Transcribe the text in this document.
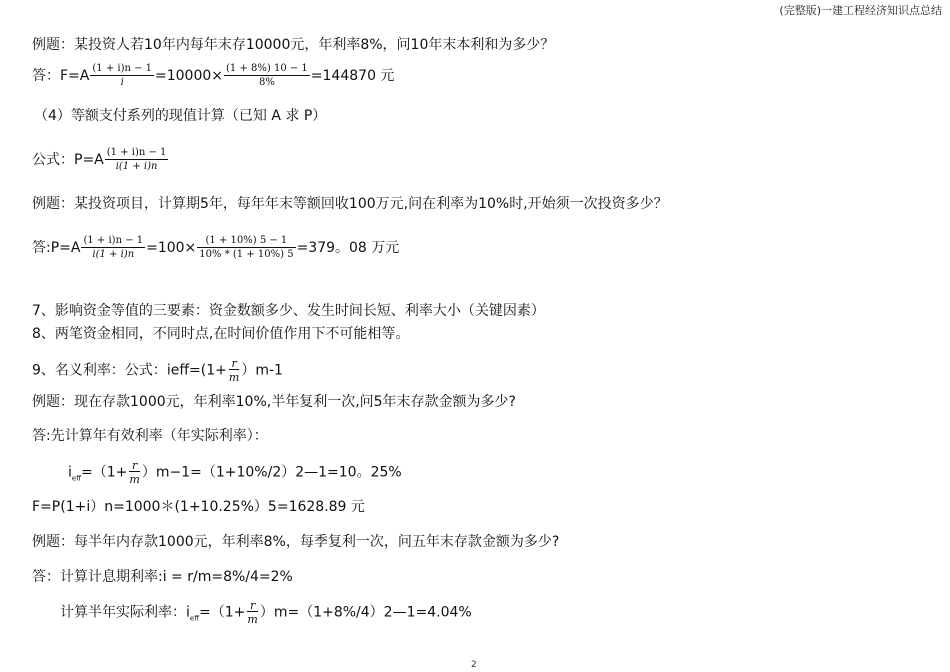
(完整版)一建工程经济知识点总结
例题：某投资人若10年内每年末存10000元，年利率8%，问10年末本利和为多少？
答：$F=A \frac{(1 + i)n - 1}{i} =10000\times \frac{(1 + 8\%) 10 - 1}{8\%} =144870$ 元
（4）等额支付系列的现值计算（已知 A 求 P）
公式：$P=A \frac{(1 + i)n - 1}{i(1 + i)n}$
例题：某投资项目，计算期5年，每年年末等额回收100万元,问在利率为10%时,开始须一次投资多少？
答:P=A $\frac{(1 + i)n - 1}{i(1 + i)n} =100\times \frac{(1 + 10\%) 5 - 1}{10\% * (1 + 10\%) 5} =379$。08 万元
7、影响资金等值的三要素：资金数额多少、发生时间长短、利率大小（关键因素）
8、两笔资金相同，不同时点,在时间价值作用下不可能相等。
9、名义利率：公式：ieff=(1+ $\frac{r}{m} )m-1$
例题：现在存款1000元，年利率10%,半年复利一次,问5年末存款金额为多少?
答:先计算年有效利率（年实际利率）：
$i_{eff}=(1+ \frac{r}{m}$ ）m−1=（1+10%/2）2—1=10。25%
F=P(1+i）n=1000＊(1+10.25%）5=1628.89 元
例题：每半年内存款1000元，年利率8%，每季复利一次，问五年末存款金额为多少?
答：计算计息期利率:i = r/m=8%/4=2%
计算半年实际利率：$i_{eff}=(1+ \frac{r}{m}$ ）m=（1+8%/4）2—1=4.04%
2
